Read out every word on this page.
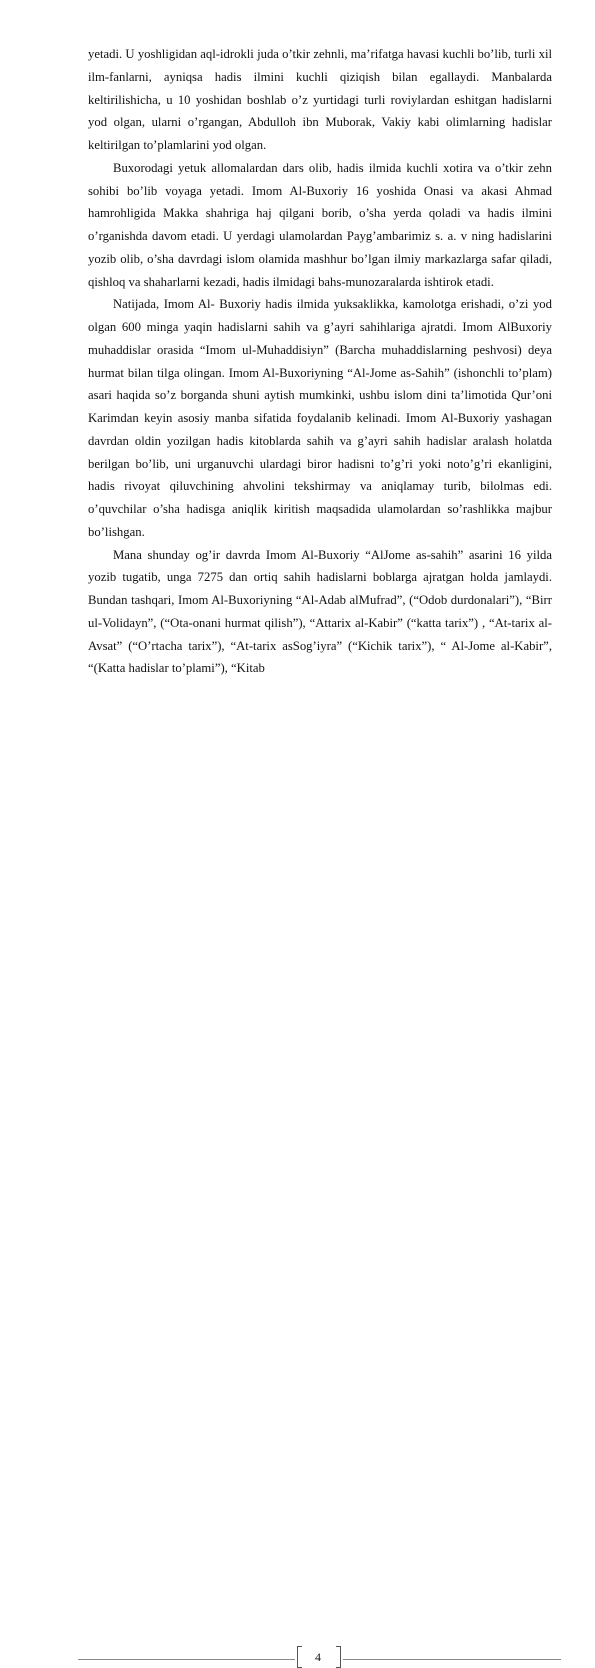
yetadi. U yoshligidan aql-idrokli juda o’tkir zehnli, ma’rifatga havasi kuchli bo’lib, turli xil ilm-fanlarni, ayniqsa hadis ilmini kuchli qiziqish bilan egallaydi. Manbalarda keltirilishicha, u 10 yoshidan boshlab o’z yurtidagi turli roviylardan eshitgan hadislarni yod olgan, ularni o’rgangan, Abdulloh ibn Muborak, Vakiy kabi olimlarning hadislar keltirilgan to’plamlarini yod olgan.

Buxorodagi yetuk allomalardan dars olib, hadis ilmida kuchli xotira va o’tkir zehn sohibi bo’lib voyaga yetadi. Imom Al-Buxoriy 16 yoshida Onasi va akasi Ahmad hamrohligida Makka shahriga haj qilgani borib, o’sha yerda qoladi va hadis ilmini o’rganishda davom etadi. U yerdagi ulamolardan Payg’ambarimiz s. a. v ning hadislarini yozib olib, o’sha davrdagi islom olamida mashhur bo’lgan ilmiy markazlarga safar qiladi, qishloq va shaharlarni kezadi, hadis ilmidagi bahs-munozaralarda ishtirok etadi.

Natijada, Imom Al- Buxoriy hadis ilmida yuksaklikka, kamolotga erishadi, o’zi yod olgan 600 minga yaqin hadislarni sahih va g’ayri sahihlariga ajratdi. Imom AlBuxoriy muhaddislar orasida “Imom ul-Muhaddisiyn” (Barcha muhaddislarning peshvosi) deya hurmat bilan tilga olingan. Imom Al-Buxoriyning “Al-Jome as-Sahih” (ishonchli to’plam) asari haqida so’z borganda shuni aytish mumkinki, ushbu islom dini ta’limotida Qur’oni Karimdan keyin asosiy manba sifatida foydalanib kelinadi. Imom Al-Buxoriy yashagan davrdan oldin yozilgan hadis kitoblarda sahih va g’ayri sahih hadislar aralash holatda berilgan bo’lib, uni urganuvchi ulardagi biror hadisni to’g’ri yoki noto’g’ri ekanligini, hadis rivoyat qiluvchining ahvolini tekshirmay va aniqlamay turib, bilolmas edi. o’quvchilar o’sha hadisga aniqlik kiritish maqsadida ulamolardan so’rashlikka majbur bo’lishgan.

Mana shunday og’ir davrda Imom Al-Buxoriy “AlJome as-sahih” asarini 16 yilda yozib tugatib, unga 7275 dan ortiq sahih hadislarni boblarga ajratgan holda jamlaydi. Bundan tashqari, Imom Al-Buxoriyning “Al-Adab alMufrad”, (“Odob durdonalari”), “Birr ul-Volidayn”, (“Ota-onani hurmat qilish”), “Attarix al-Kabir” (“katta tarix”) , “At-tarix al-Avsat” (“O’rtacha tarix”), “At-tarix asSog’iyra” (“Kichik tarix”), “ Al-Jome al-Kabir”, “(Katta hadislar to’plami”), “Kitab

4
